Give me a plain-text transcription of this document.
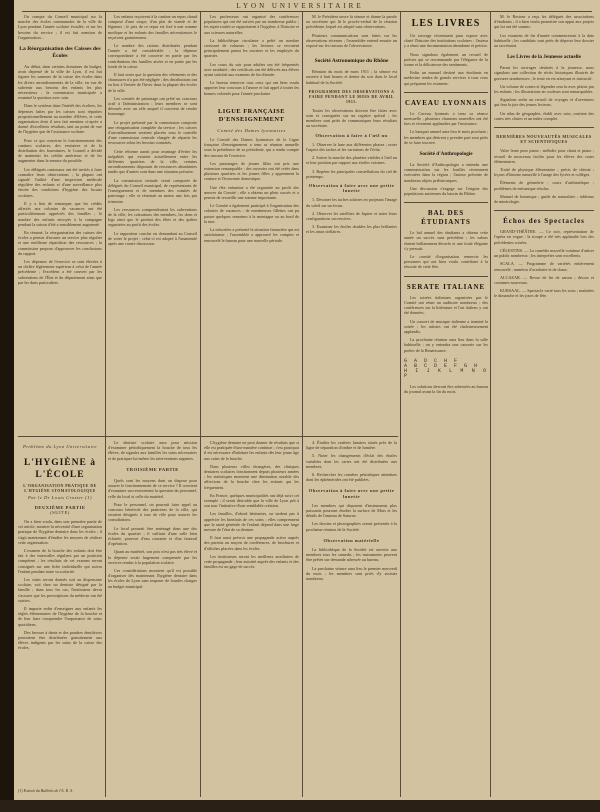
LYON UNIVERSITAIRE

Un compte du Conseil municipal sur la marche des écoles communales de la ville de Lyon pendant l'année scolaire écoulée, et sur les besoins du service ; il est fait mention de l'organisation...

La Réorganisation des Caisses des Écoles

Au début, dans certains domaines du budget, avait dépensé de la ville de Lyon, il est fait figurer les sommes de la caisse des écoles dans les divers arrondissements de la ville, en vue de subvenir aux besoins des enfants les plus nécessiteux ; la commission municipale a examiné la question avec soin.

Dans le système dans l'intérêt des écoliers, les dépenses faites par les caisses sont réparties proportionnellement au nombre d'élèves, et cette organisation dont il sera fait mention ci-après a donné d'excellents résultats, tant au point de vue de l'hygiène que de l'assistance scolaire.

Pour ce qui concerne le fonctionnement des cantines scolaires, des vestiaires et de la distribution des fournitures, le Conseil a décidé de maintenir les crédits antérieurs et de les augmenter dans la mesure du possible.

Les délégués cantonaux ont été invités à faire connaître leurs observations ; la plupart ont signalé l'utilité d'une inspection médicale régulière des enfants et d'une surveillance plus étroite des conditions d'hygiène des locaux scolaires.

Il y a lieu de remarquer que les crédits affectés aux colonies de vacances ont été particulièrement appréciés des familles ; le nombre des enfants envoyés à la campagne pendant la saison d'été a sensiblement augmenté.

En résumé, la réorganisation des caisses des écoles a permis d'assurer un service plus régulier et une meilleure répartition des ressources ; la commission propose d'approuver les conclusions du rapport.

Les dépenses de l'exercice se sont élevées à un chiffre légèrement supérieur à celui de l'année précédente ; l'excédent a été couvert par les subventions de l'État et du département ainsi que par les dons particuliers.

Problème du Lyon Universitaire
L'HYGIÈNE à L'ÉCOLE
L'ORGANISATION PRATIQUE DE L'HYGIÈNE STOMATOLOGIQUE
Par le Dr Louis Crozier (1)
DEUXIÈME PARTIE
(SUITE)

On a bien voulu, dans une première partie de cet article, montrer la nécessité d'une organisation pratique de l'hygiène dentaire dans les écoles ; il s'agit maintenant d'étudier les moyens de réaliser cette organisation.

L'examen de la bouche des enfants doit être fait à des intervalles réguliers par un praticien compétent ; les résultats de cet examen seront consignés sur une fiche individuelle qui suivra l'enfant pendant toute sa scolarité.

Les soins seront donnés soit au dispensaire scolaire, soit chez un dentiste désigné par la famille ; dans tous les cas, l'instituteur devra s'assurer que les prescriptions du médecin ont été suivies.

Il importe enfin d'enseigner aux enfants les règles élémentaires de l'hygiène de la bouche et de leur faire comprendre l'importance de soins quotidiens.

Des brosses à dents et des poudres dentifrices pourraient être distribuées gratuitement aux élèves indigents par les soins de la caisse des écoles.

(1) Extrait du Bulletin de l'A. R. S.

Les enfants reçoivent à la cantine un repas chaud composé d'une soupe, d'un plat de viande et de légumes ; le prix de ce repas est fixé à une somme modique et les enfants des familles nécessiteuses le reçoivent gratuitement.

Le nombre des rations distribuées pendant l'année a été considérable ; la dépense correspondante a été couverte en partie par les contributions des familles aisées et en partie par les fonds de la caisse.

Il faut noter que la question des vêtements et des chaussures n'a pas été négligée ; des distributions ont eu lieu à l'entrée de l'hiver dans la plupart des écoles de la ville.

Les comités de patronage ont prêté un concours actif à l'administration ; leurs membres se sont dévoués avec un zèle auquel il convient de rendre hommage.

Le projet présenté par la commission comporte une réorganisation complète du service ; les caisses d'arrondissement seraient placées sous le contrôle d'une commission centrale chargée de répartir les ressources selon les besoins constatés.

Cette réforme aurait pour avantage d'éviter les inégalités qui existent actuellement entre les différents quartiers de la ville, certains arrondissements disposant de ressources abondantes tandis que d'autres sont dans une situation précaire.

La commission centrale serait composée de délégués du Conseil municipal, de représentants de l'enseignement et de membres des comités de patronage ; elle se réunirait au moins une fois par trimestre.

Les ressources comprendraient les subventions de la ville, les cotisations des membres, les dons et legs ainsi que le produit des fêtes et des quêtes organisées au profit des écoles.

Le rapporteur conclut en demandant au Conseil de voter le projet ; celui-ci est adopté à l'unanimité après une courte discussion.

Le dentiste scolaire aura pour mission d'examiner périodiquement la bouche de tous les élèves, de signaler aux familles les soins nécessaires et de pratiquer lui-même les interventions urgentes.

TROISIÈME PARTIE

Quels sont les moyens dont on dispose pour assurer le fonctionnement de ce service ? Il convient d'examiner successivement la question du personnel, celle du local et celle du matériel.

Pour le personnel, on pourrait faire appel au concours bénévole des praticiens de la ville, qui seraient désignés à tour de rôle pour assurer les consultations.

Le local pourrait être aménagé dans une des écoles du quartier ; il suffirait d'une salle bien éclairée, pourvue d'eau courante et d'un fauteuil d'opération.

Quant au matériel, son prix n'est pas très élevé et la dépense serait largement compensée par les services rendus à la population scolaire.

Ces considérations montrent qu'il est possible d'organiser dès maintenant l'hygiène dentaire dans les écoles de Lyon sans imposer de lourdes charges au budget municipal.

Les professeurs ont organisé des conférences populaires qui ont été suivies par un nombreux public ; les sujets traités se rapportaient à l'hygiène, à l'histoire et aux sciences naturelles.

La bibliothèque circulante a prêté un nombre croissant de volumes ; les lecteurs se recrutent principalement parmi les ouvriers et les employés du quartier.

Les cours du soir pour adultes ont été fréquentés avec assiduité ; des certificats ont été délivrés aux élèves ayant satisfait aux examens de fin d'année.

Le bureau remercie tous ceux qui ont bien voulu apporter leur concours à l'œuvre et fait appel à toutes les bonnes volontés pour l'année prochaine.

LIGUE FRANÇAISE D'ENSEIGNEMENT
Comité des Dames lyonnaises

Le Comité des Dames lyonnaises de la Ligue française d'enseignement a tenu sa réunion annuelle sous la présidence de sa présidente, qui a rendu compte des travaux de l'exercice.

Les patronages de jeunes filles ont pris une extension remarquable ; des ouvroirs ont été créés dans plusieurs quartiers et les jeunes filles y apprennent la couture et l'économie domestique.

Une fête enfantine a été organisée au profit des œuvres du Comité ; elle a obtenu un plein succès et a permis de recueillir une somme importante.

Le Comité a également participé à l'organisation des colonies de vacances ; de nombreuses fillettes ont pu passer quelques semaines à la montagne ou au bord de la mer.

La trésorière a présenté la situation financière qui est satisfaisante ; l'assemblée a approuvé les comptes et renouvelé le bureau pour une nouvelle période.

L'hygiène dentaire ne peut donner de résultats que si elle est pratiquée d'une manière continue ; c'est pourquoi il est nécessaire d'habituer les enfants dès leur jeune âge aux soins de la bouche.

Dans plusieurs villes étrangères, des cliniques dentaires scolaires fonctionnent depuis plusieurs années ; les statistiques montrent une diminution notable des affections de la bouche chez les enfants qui les fréquentent.

En France, quelques municipalités ont déjà suivi cet exemple ; il serait désirable que la ville de Lyon prît à son tour l'initiative d'une semblable création.

Les familles, d'abord hésitantes, ne tardent pas à apprécier les bienfaits de ces soins ; elles comprennent que la santé générale de l'enfant dépend dans une large mesure de l'état de sa denture.

Il faut aussi prévoir une propagande active auprès des parents au moyen de conférences, de brochures et d'affiches placées dans les écoles.

Les instituteurs seront les meilleurs auxiliaires de cette propagande ; leur autorité auprès des enfants et des familles est un gage de succès.

M. le Président ouvre la séance et donne la parole au secrétaire qui lit le procès-verbal de la réunion précédente, lequel est adopté sans observations.

Plusieurs communications sont faites sur les observations récentes ; l'assemblée entend ensuite un exposé sur les travaux de l'observatoire.

Société Astronomique du Rhône

Réunion du mois de mars 1911 ; la séance est ouverte à huit heures et demie du soir dans le local habituel de la Société.

PROGRAMME DES OBSERVATIONS A FAIRE PENDANT LE MOIS DE AVRIL 1911.

Toutes les observations doivent être faites avec soin et consignées sur un registre spécial ; les membres sont priés de communiquer leurs résultats au secrétaire.

Observation à faire à l'œil nu

1. Observer la lune aux différentes phases ; noter l'aspect des taches et les variations de l'éclat.

2. Suivre la marche des planètes visibles à l'œil nu et leur position par rapport aux étoiles voisines.

3. Repérer les principales constellations du ciel de printemps.

Observation à faire avec une petite lunette

1. Dessiner les taches solaires en projetant l'image du soleil sur un écran.

2. Observer les satellites de Jupiter et noter leurs configurations successives.

3. Examiner les étoiles doubles les plus brillantes et les amas stellaires.

4. Étudier les cratères lunaires situés près de la ligne de séparation d'ombre et de lumière.

5. Noter les changements d'éclat des étoiles variables dont les cartes ont été distribuées aux membres.

6. Rechercher les comètes périodiques attendues dont les éphémérides ont été publiées.

Observation à faire avec une petite lunette

Les membres qui disposent d'instruments plus puissants pourront étudier la surface de Mars et les détails de l'anneau de Saturne.

Les dessins et photographies seront présentés à la prochaine réunion de la Société.

Observation matérielle

La bibliothèque de la Société est ouverte aux membres tous les samedis ; les instruments peuvent être prêtés sur demande adressée au bureau.

La prochaine séance aura lieu le premier mercredi du mois ; les membres sont priés d'y assister nombreux.

LES LIVRES

Un ouvrage récemment paru expose avec clarté l'histoire des institutions scolaires ; l'auteur y a réuni une documentation abondante et précise.

Nous signalons également un recueil de poésies qui se recommande par l'élégance de la forme et la délicatesse des sentiments.

Enfin un manuel destiné aux étudiants en médecine rendra de grands services à tous ceux qui préparent les examens.

CAVEAU LYONNAIS

Le Caveau lyonnais a tenu sa séance mensuelle ; plusieurs chansons nouvelles ont été lues et vivement applaudies par l'assistance.

Le banquet annuel aura lieu le mois prochain ; les membres qui désirent y prendre part sont priés de se faire inscrire.

Société d'Anthropologie

La Société d'Anthropologie a entendu une communication sur les fouilles récemment exécutées dans la région ; l'auteur présente de nombreux objets préhistoriques.

Une discussion s'engage sur l'origine des populations anciennes du bassin du Rhône.

BAL DES ÉTUDIANTS

Le bal annuel des étudiants a obtenu cette année un succès sans précédent ; les salons étaient brillamment décorés et une foule élégante s'y pressait.

Le comité d'organisation remercie les personnes qui ont bien voulu contribuer à la réussite de cette fête.

SERATE ITALIANE

Les soirées italiennes organisées par le Comité ont réuni un auditoire nombreux ; des conférences sur la littérature et l'art italiens y ont été données.

Un concert de musique italienne a terminé la soirée ; les artistes ont été chaleureusement applaudis.

La prochaine réunion aura lieu dans la salle habituelle ; on y entendra une causerie sur les poètes de la Renaissance.

G A D C H F
A B C D E F G H
H I J K L M N O P

Les solutions devront être adressées au bureau du journal avant la fin du mois.

M. le Recteur a reçu les délégués des associations d'étudiants ; il a bien voulu promettre son appui aux projets qui lui ont été soumis.

Les examens de fin d'année commenceront à la date habituelle ; les candidats sont priés de déposer leur dossier au secrétariat.

Les Livres de la Jeunesse actuelle

Parmi les ouvrages destinés à la jeunesse, nous signalons une collection de récits historiques illustrés de gravures nombreuses ; le texte en est attrayant et instructif.

Un volume de contes et légendes sera lu avec plaisir par les enfants ; les illustrations en couleurs sont remarquables.

Signalons enfin un recueil de voyages et d'aventures qui fera la joie des jeunes lecteurs.

Un atlas de géographie, établi avec soin, contient des cartes très claires et un index complet.

DERNIÈRES NOUVEAUTÉS MUSICALES ET SCIENTIFIQUES

Valse lente pour piano ; mélodie pour chant et piano ; recueil de morceaux faciles pour les élèves des cours élémentaires.

Traité de physique élémentaire ; précis de chimie ; leçons d'histoire naturelle à l'usage des lycées et collèges.

Éléments de géométrie ; cours d'arithmétique ; problèmes de mécanique résolus.

Manuel de botanique ; guide du naturaliste ; tableaux de minéralogie.

Échos des Spectacles

GRAND-THÉÂTRE. — Ce soir, représentation de l'opéra en vogue ; la troupe a été très applaudie lors des précédentes soirées.

CÉLESTINS. — La comédie nouvelle continue d'attirer un public nombreux ; les interprètes sont excellents.

SCALA. — Programme de variétés entièrement renouvelé ; numéros d'acrobatie et de chant.

ALCAZAR. — Revue de fin de saison ; décors et costumes nouveaux.

KURSAAL. — Spectacle varié tous les soirs ; matinées le dimanche et les jours de fête.
